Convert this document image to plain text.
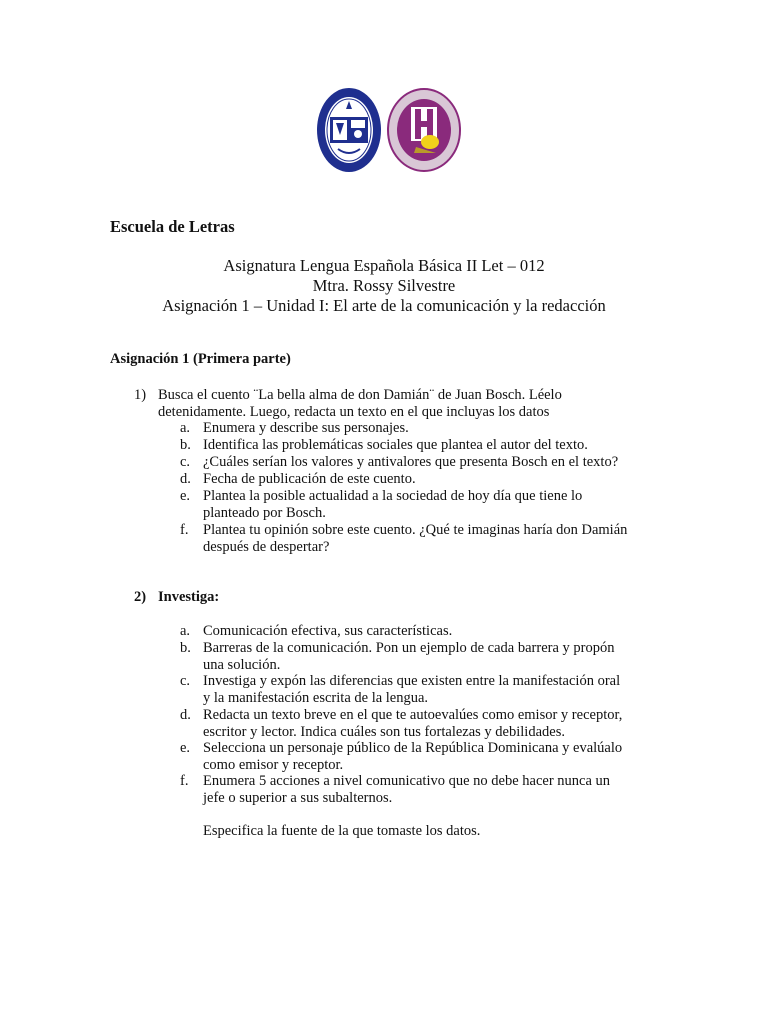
Escuela de Letras
Asignatura Lengua Española Básica II Let – 012
Mtra. Rossy Silvestre
Asignación 1 – Unidad I: El arte de la comunicación y la redacción
Asignación 1 (Primera parte)
1) Busca el cuento ¨La bella alma de don Damián¨ de Juan Bosch. Léelo
detenidamente. Luego, redacta un texto en el que incluyas los datos
a. Enumera y describe sus personajes.
b. Identifica las problemáticas sociales que plantea el autor del texto.
c. ¿Cuáles serían los valores y antivalores que presenta Bosch en el texto?
d. Fecha de publicación de este cuento.
e. Plantea la posible actualidad a la sociedad de hoy día que tiene lo
planteado por Bosch.
f.	Plantea tu opinión sobre este cuento. ¿Qué te imaginas haría don Damián
después de despertar?
2) Investiga:
a. Comunicación efectiva, sus características.
b. Barreras de la comunicación. Pon un ejemplo de cada barrera y propón
una solución.
c. Investiga y expón las diferencias que existen entre la manifestación oral
y la manifestación escrita de la lengua.
d. Redacta un texto breve en el que te autoevalúes como emisor y receptor,
escritor y lector. Indica cuáles son tus fortalezas y debilidades.
e. Selecciona un personaje público de la República Dominicana y evalúalo
como emisor y receptor.
f.	Enumera 5 acciones a nivel comunicativo que no debe hacer nunca un
jefe o superior a sus subalternos.
Especifica la fuente de la que tomaste los datos.
